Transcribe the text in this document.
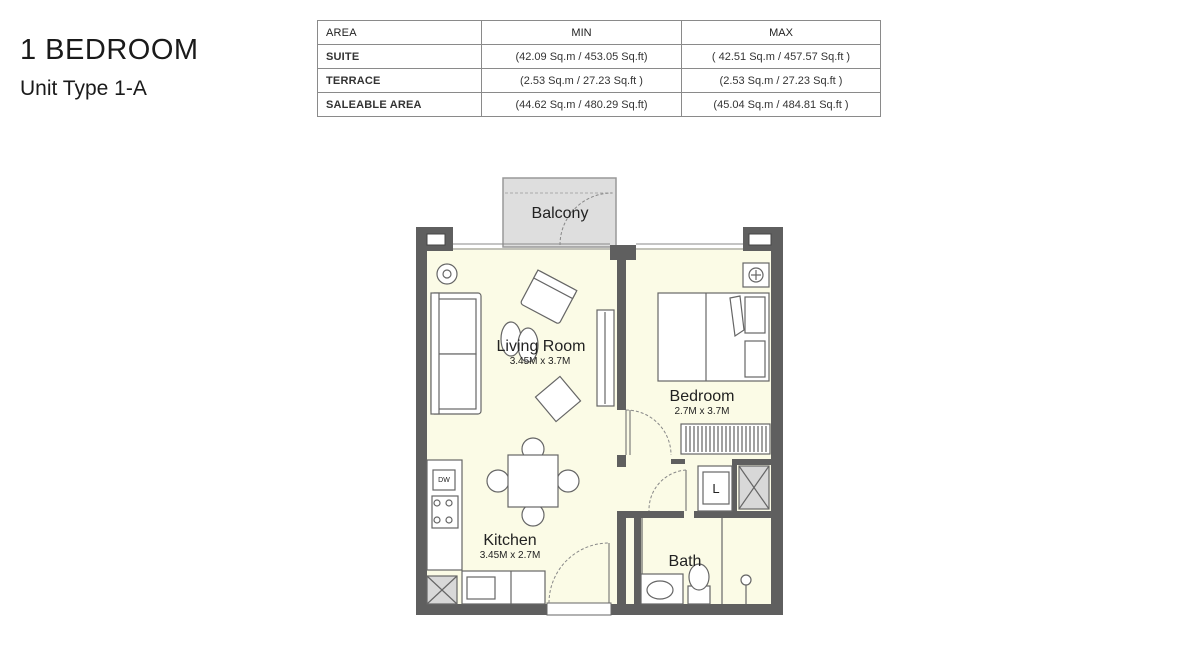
1 BEDROOM
Unit Type 1-A
AREA	MIN	MAX
SUITE	(42.09 Sq.m / 453.05 Sq.ft)	( 42.51 Sq.m / 457.57 Sq.ft )
TERRACE	(2.53 Sq.m / 27.23 Sq.ft )	(2.53 Sq.m / 27.23 Sq.ft )
SALEABLE AREA	(44.62 Sq.m / 480.29 Sq.ft)	(45.04 Sq.m / 484.81 Sq.ft )
Balcony
Living Room
3.45M x 3.7M
Bedroom
2.7M x 3.7M
Kitchen
3.45M x 2.7M	Bath
DW
L
